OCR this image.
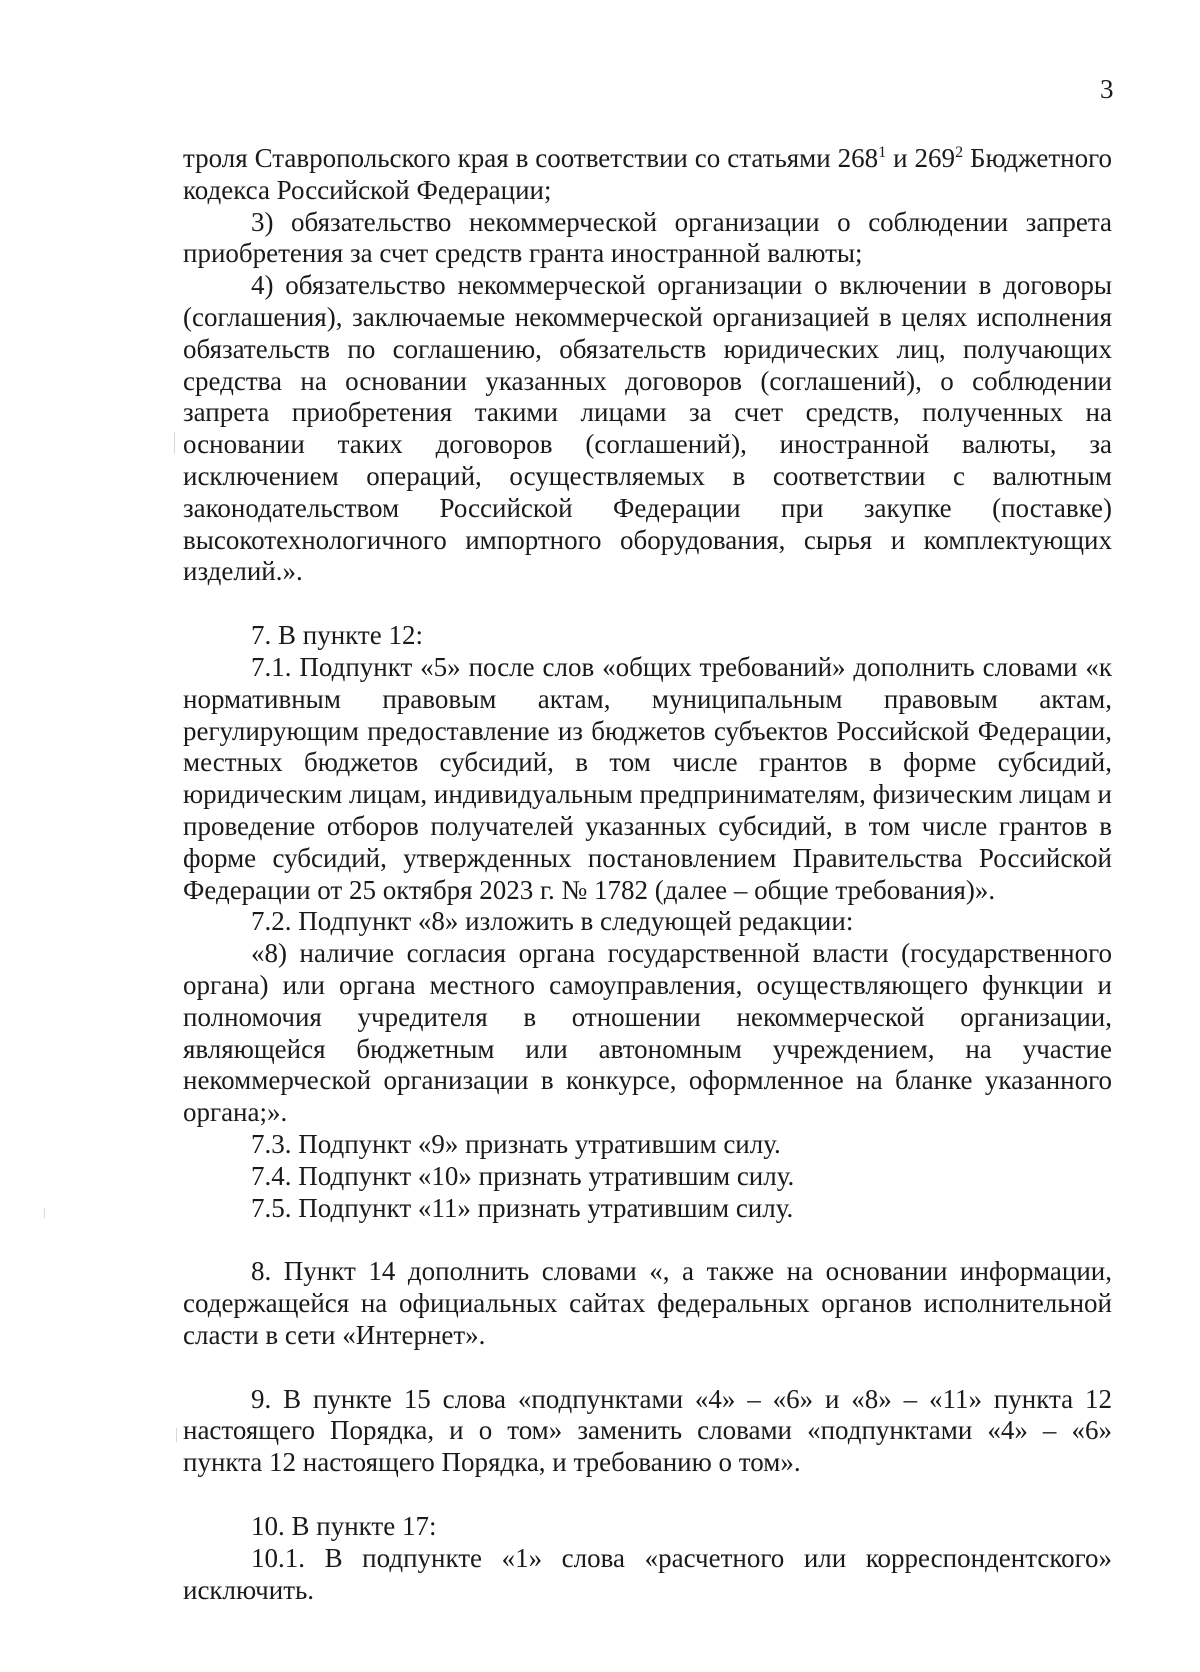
3

троля Ставропольского края в соответствии со статьями $268^1$ и $269^2$ Бюджетного кодекса Российской Федерации;

3) обязательство некоммерческой организации о соблюдении запрета приобретения за счет средств гранта иностранной валюты;

4) обязательство некоммерческой организации о включении в договоры (соглашения), заключаемые некоммерческой организацией в целях исполнения обязательств по соглашению, обязательств юридических лиц, получающих средства на основании указанных договоров (соглашений), о соблюдении запрета приобретения такими лицами за счет средств, полученных на основании таких договоров (соглашений), иностранной валюты, за исключением операций, осуществляемых в соответствии с валютным законодательством Российской Федерации при закупке (поставке) высокотехнологичного импортного оборудования, сырья и комплектующих изделий.».

7. В пункте 12:

7.1. Подпункт «5» после слов «общих требований» дополнить словами «к нормативным правовым актам, муниципальным правовым актам, регулирующим предоставление из бюджетов субъектов Российской Федерации, местных бюджетов субсидий, в том числе грантов в форме субсидий, юридическим лицам, индивидуальным предпринимателям, физическим лицам и проведение отборов получателей указанных субсидий, в том числе грантов в форме субсидий, утвержденных постановлением Правительства Российской Федерации от 25 октября 2023 г. № 1782 (далее – общие требования)».

7.2. Подпункт «8» изложить в следующей редакции:

«8) наличие согласия органа государственной власти (государственного органа) или органа местного самоуправления, осуществляющего функции и полномочия учредителя в отношении некоммерческой организации, являющейся бюджетным или автономным учреждением, на участие некоммерческой организации в конкурсе, оформленное на бланке указанного органа;».

7.3. Подпункт «9» признать утратившим силу.

7.4. Подпункт «10» признать утратившим силу.

7.5. Подпункт «11» признать утратившим силу.

8. Пункт 14 дополнить словами «, а также на основании информации, содержащейся на официальных сайтах федеральных органов исполнительной сласти в сети «Интернет».

9. В пункте 15 слова «подпунктами «4» – «6» и «8» – «11» пункта 12 настоящего Порядка, и о том» заменить словами «подпунктами «4» – «6» пункта 12 настоящего Порядка, и требованию о том».

10. В пункте 17:

10.1. В подпункте «1» слова «расчетного или корреспондентского» исключить.
